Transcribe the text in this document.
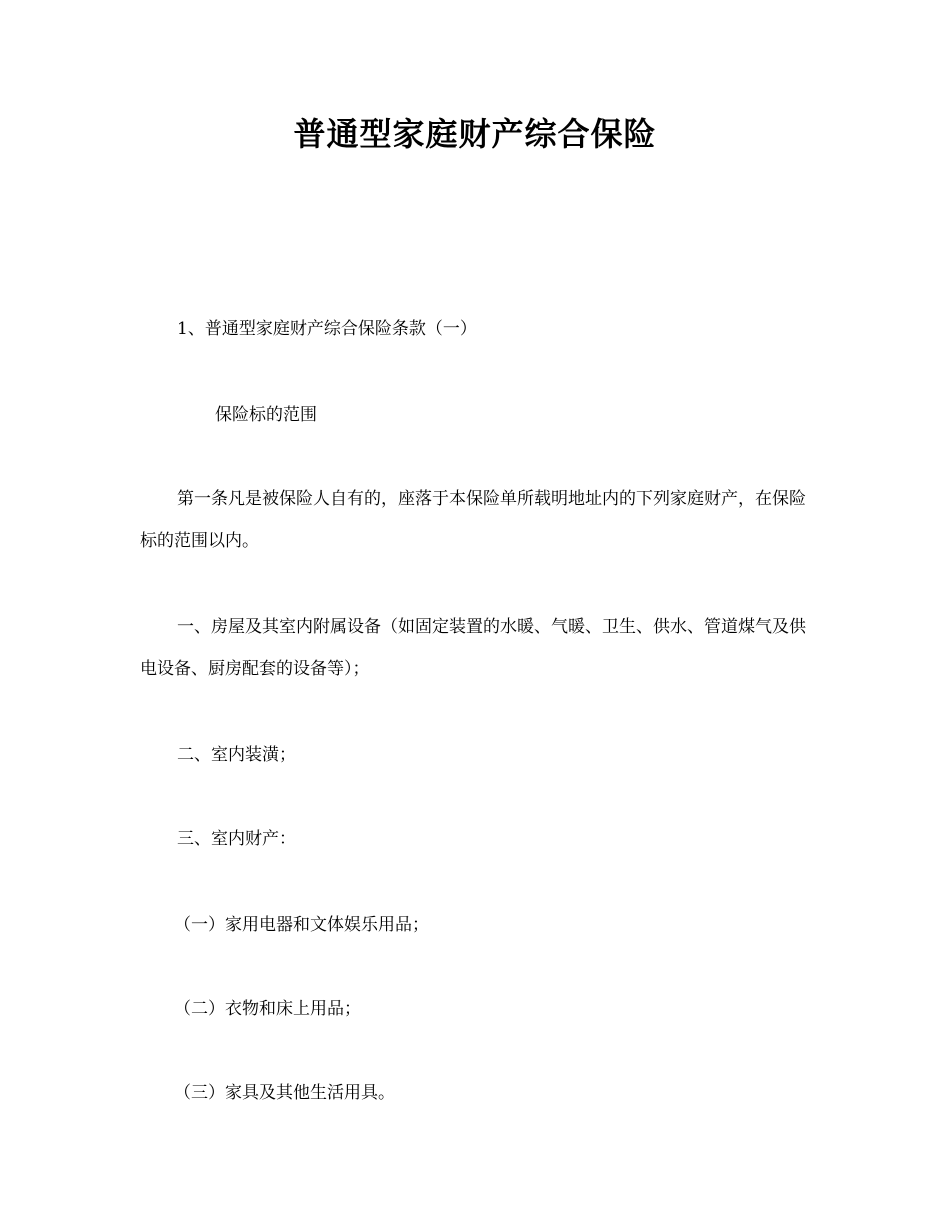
普通型家庭财产综合保险

1、普通型家庭财产综合保险条款（一）

保险标的范围

第一条凡是被保险人自有的，座落于本保险单所载明地址内的下列家庭财产，在保险标的范围以内。

一、房屋及其室内附属设备（如固定装置的水暖、气暖、卫生、供水、管道煤气及供电设备、厨房配套的设备等）；

二、室内装潢；

三、室内财产：

（一）家用电器和文体娱乐用品；

（二）衣物和床上用品；

（三）家具及其他生活用具。
